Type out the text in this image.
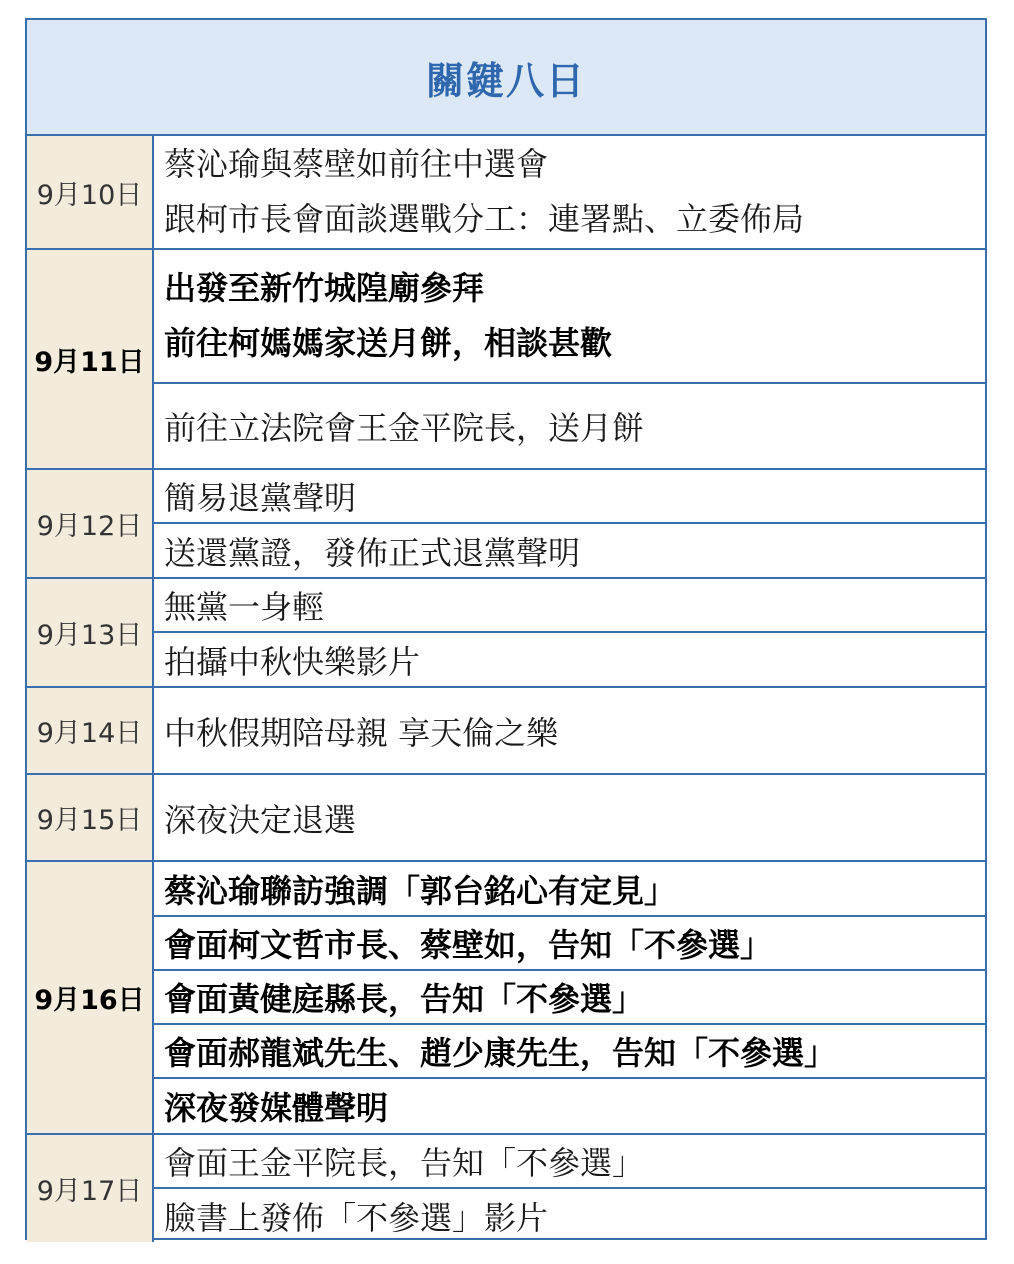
關鍵八日
9月10日
蔡沁瑜與蔡壁如前往中選會
跟柯市長會面談選戰分工：連署點、立委佈局
9月11日
出發至新竹城隍廟參拜
前往柯媽媽家送月餅，相談甚歡
前往立法院會王金平院長，送月餅
9月12日
簡易退黨聲明
送還黨證，發佈正式退黨聲明
9月13日
無黨一身輕
拍攝中秋快樂影片
9月14日 中秋假期陪母親 享天倫之樂
9月15日 深夜決定退選
9月16日
蔡沁瑜聯訪強調「郭台銘心有定見」
會面柯文哲市長、蔡壁如，告知「不參選」
會面黃健庭縣長，告知「不參選」
會面郝龍斌先生、趙少康先生，告知「不參選」
深夜發媒體聲明
9月17日
會面王金平院長，告知「不參選」
臉書上發佈「不參選」影片
